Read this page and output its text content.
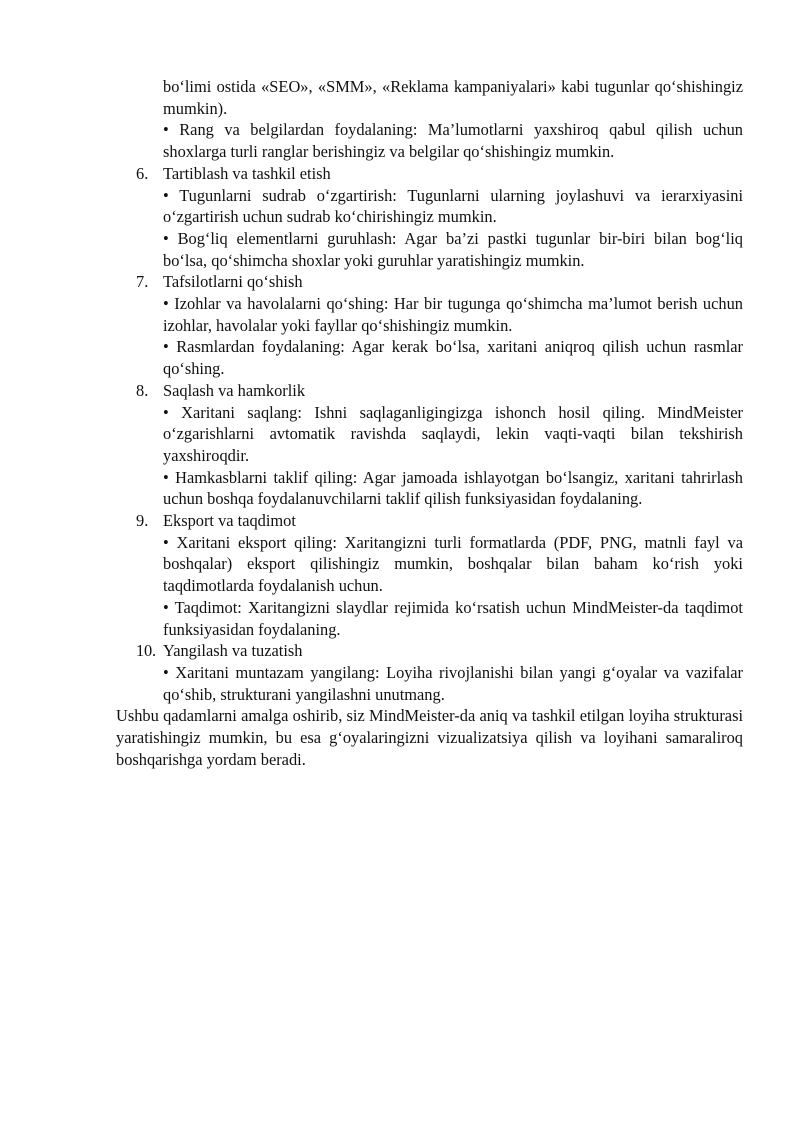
bo‘limi ostida «SEO», «SMM», «Reklama kampaniyalari» kabi tugunlar qo‘shishingiz mumkin).

• Rang va belgilardan foydalaning: Ma’lumotlarni yaxshiroq qabul qilish uchun shoxlarga turli ranglar berishingiz va belgilar qo‘shishingiz mumkin.

6. Tartiblash va tashkil etish

• Tugunlarni sudrab o‘zgartirish: Tugunlarni ularning joylashuvi va ierarxiyasini o‘zgartirish uchun sudrab ko‘chirishingiz mumkin.

• Bog‘liq elementlarni guruhlash: Agar ba’zi pastki tugunlar bir-biri bilan bog‘liq bo‘lsa, qo‘shimcha shoxlar yoki guruhlar yaratishingiz mumkin.

7. Tafsilotlarni qo‘shish

• Izohlar va havolalarni qo‘shing: Har bir tugunga qo‘shimcha ma’lumot berish uchun izohlar, havolalar yoki fayllar qo‘shishingiz mumkin.

• Rasmlardan foydalaning: Agar kerak bo‘lsa, xaritani aniqroq qilish uchun rasmlar qo‘shing.

8. Saqlash va hamkorlik

• Xaritani saqlang: Ishni saqlaganligingizga ishonch hosil qiling. MindMeister o‘zgarishlarni avtomatik ravishda saqlaydi, lekin vaqti-vaqti bilan tekshirish yaxshiroqdir.

• Hamkasblarni taklif qiling: Agar jamoada ishlayotgan bo‘lsangiz, xaritani tahrirlash uchun boshqa foydalanuvchilarni taklif qilish funksiyasidan foydalaning.

9. Eksport va taqdimot

• Xaritani eksport qiling: Xaritangizni turli formatlarda (PDF, PNG, matnli fayl va boshqalar) eksport qilishingiz mumkin, boshqalar bilan baham ko‘rish yoki taqdimotlarda foydalanish uchun.

• Taqdimot: Xaritangizni slaydlar rejimida ko‘rsatish uchun MindMeister-da taqdimot funksiyasidan foydalaning.

10. Yangilash va tuzatish

• Xaritani muntazam yangilang: Loyiha rivojlanishi bilan yangi g‘oyalar va vazifalar qo‘shib, strukturani yangilashni unutmang.

Ushbu qadamlarni amalga oshirib, siz MindMeister-da aniq va tashkil etilgan loyiha strukturasi yaratishingiz mumkin, bu esa g‘oyalaringizni vizualizatsiya qilish va loyihani samaraliroq boshqarishga yordam beradi.
